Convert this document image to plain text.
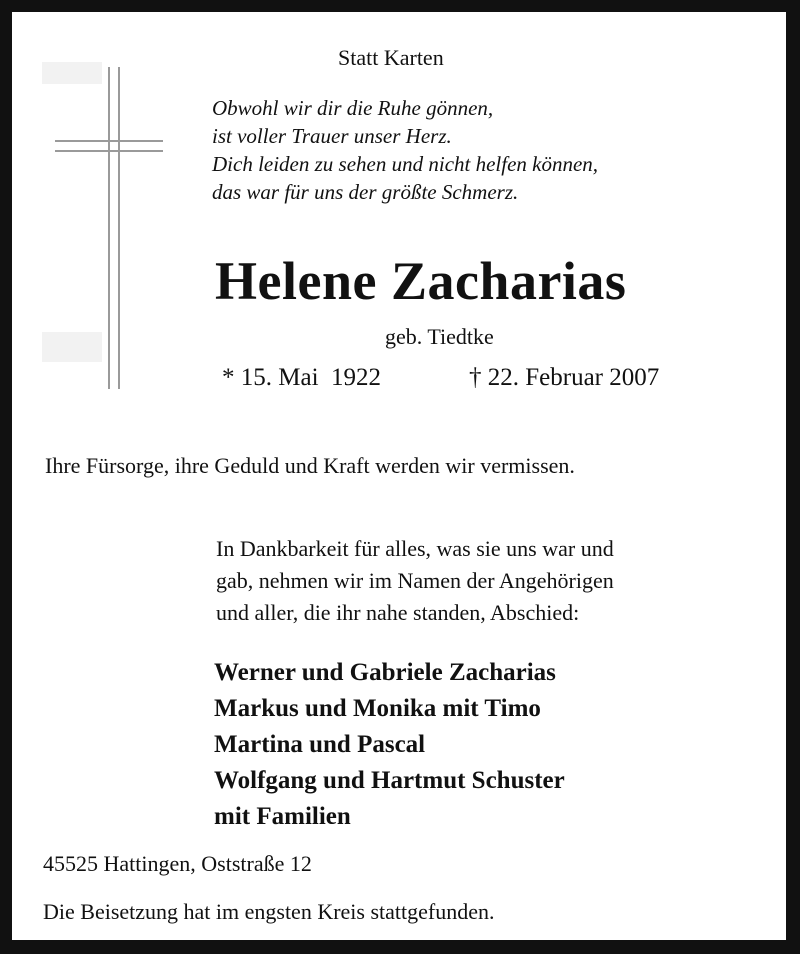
Statt Karten
Obwohl wir dir die Ruhe gönnen,
ist voller Trauer unser Herz.
Dich leiden zu sehen und nicht helfen können,
das war für uns der größte Schmerz.
Helene Zacharias
geb. Tiedtke
* 15. Mai  1922	† 22. Februar 2007
Ihre Fürsorge, ihre Geduld und Kraft werden wir vermissen.
In Dankbarkeit für alles, was sie uns war und
gab, nehmen wir im Namen der Angehörigen
und aller, die ihr nahe standen, Abschied:
Werner und Gabriele Zacharias
Markus und Monika mit Timo
Martina und Pascal
Wolfgang und Hartmut Schuster
mit Familien
45525 Hattingen, Oststraße 12
Die Beisetzung hat im engsten Kreis stattgefunden.
